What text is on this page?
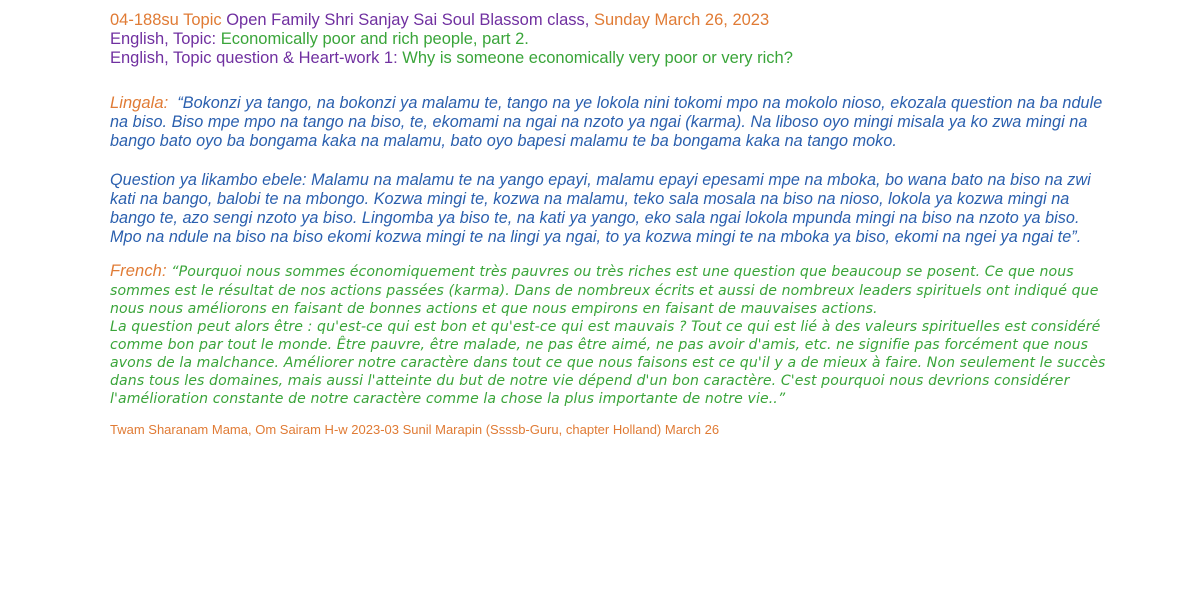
04-188su Topic Open Family Shri Sanjay Sai Soul Blassom class, Sunday March 26, 2023
English, Topic: Economically poor and rich people, part 2.
English, Topic question & Heart-work 1: Why is someone economically very poor or very rich?
Lingala: “Bokonzi ya tango, na bokonzi ya malamu te, tango na ye lokola nini tokomi mpo na mokolo nioso, ekozala question na ba ndule na biso. Biso mpe mpo na tango na biso, te, ekomami na ngai na nzoto ya ngai (karma). Na liboso oyo mingi misala ya ko zwa mingi na bango bato oyo ba bongama kaka na malamu, bato oyo bapesi malamu te ba bongama kaka na tango moko.
Question ya likambo ebele: Malamu na malamu te na yango epayi, malamu epayi epesami mpe na mboka, bo wana bato na biso na zwi kati na bango, balobi te na mbongo. Kozwa mingi te, kozwa na malamu, teko sala mosala na biso na nioso, lokola ya kozwa mingi na bango te, azo sengi nzoto ya biso. Lingomba ya biso te, na kati ya yango, eko sala ngai lokola mpunda mingi na biso na nzoto ya biso. Mpo na ndule na biso na biso ekomi kozwa mingi te na lingi ya ngai, to ya kozwa mingi te na mboka ya biso, ekomi na ngei ya ngai te”.
French: “Pourquoi nous sommes économiquement très pauvres ou très riches est une question que beaucoup se posent. Ce que nous sommes est le résultat de nos actions passées (karma). Dans de nombreux écrits et aussi de nombreux leaders spirituels ont indiqué que nous nous améliorons en faisant de bonnes actions et que nous empirons en faisant de mauvaises actions.
La question peut alors être : qu'est-ce qui est bon et qu'est-ce qui est mauvais ? Tout ce qui est lié à des valeurs spirituelles est considéré comme bon par tout le monde. Être pauvre, être malade, ne pas être aimé, ne pas avoir d'amis, etc. ne signifie pas forcément que nous avons de la malchance. Améliorer notre caractère dans tout ce que nous faisons est ce qu'il y a de mieux à faire. Non seulement le succès dans tous les domaines, mais aussi l'atteinte du but de notre vie dépend d'un bon caractère. C'est pourquoi nous devrions considérer l'amélioration constante de notre caractère comme la chose la plus importante de notre vie..”
Twam Sharanam Mama, Om Sairam H-w 2023-03 Sunil Marapin (Ssssb-Guru, chapter Holland) March 26
